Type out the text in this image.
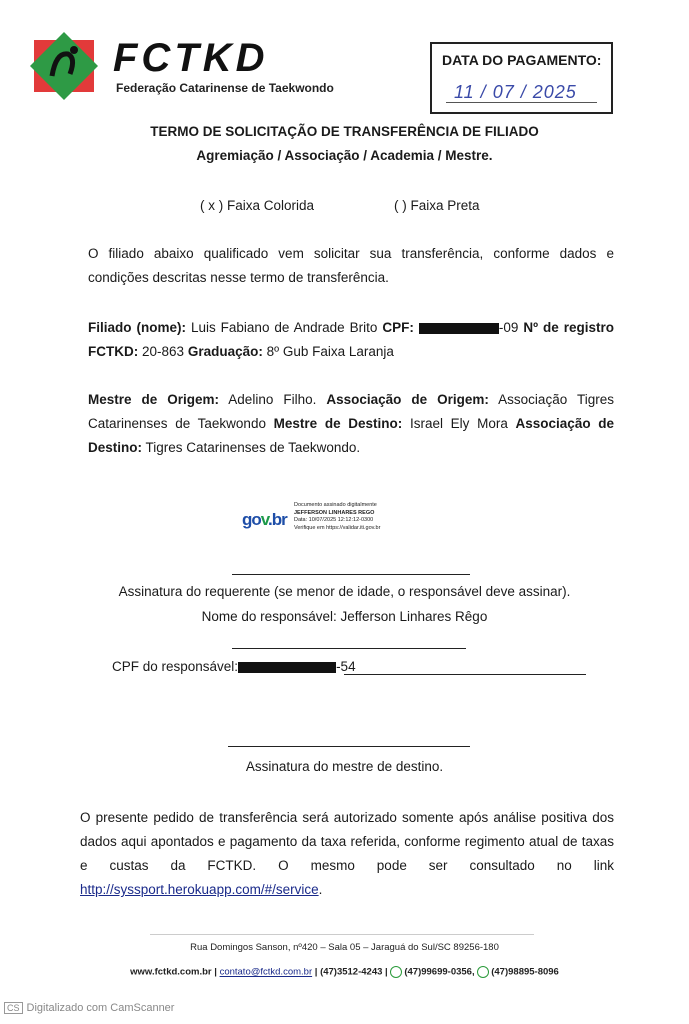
FCTKD
Federação Catarinense de Taekwondo
DATA DO PAGAMENTO:
11 / 07 / 2025
TERMO DE SOLICITAÇÃO DE TRANSFERÊNCIA DE FILIADO
Agremiação / Associação / Academia / Mestre.
( x ) Faixa Colorida	( ) Faixa Preta
O filiado abaixo qualificado vem solicitar sua transferência, conforme dados e condições descritas nesse termo de transferência.
Filiado (nome): Luis Fabiano de Andrade Brito CPF:	-09 Nº de registro FCTKD: 20-863 Graduação: 8º Gub Faixa Laranja
Mestre de Origem: Adelino Filho. Associação de Origem: Associação Tigres Catarinenses de Taekwondo Mestre de Destino: Israel Ely Mora Associação de Destino: Tigres Catarinenses de Taekwondo.
gov.br
Documento assinado digitalmente
JEFFERSON LINHARES REGO
Data: 10/07/2025 12:12:12-0300
Verifique em https://validar.iti.gov.br
Assinatura do requerente (se menor de idade, o responsável deve assinar).
Nome do responsável: Jefferson Linhares Rêgo
CPF do responsável:	-54
Assinatura do mestre de destino.
O presente pedido de transferência será autorizado somente após análise positiva dos dados aqui apontados e pagamento da taxa referida, conforme regimento atual de taxas e custas da FCTKD. O mesmo pode ser consultado no link http://syssport.herokuapp.com/#/service.
Rua Domingos Sanson, nº420 – Sala 05 – Jaraguá do Sul/SC 89256-180
www.fctkd.com.br | contato@fctkd.com.br | (47)3512-4243 | (47)99699-0356, (47)98895-8096
CS Digitalizado com CamScanner
